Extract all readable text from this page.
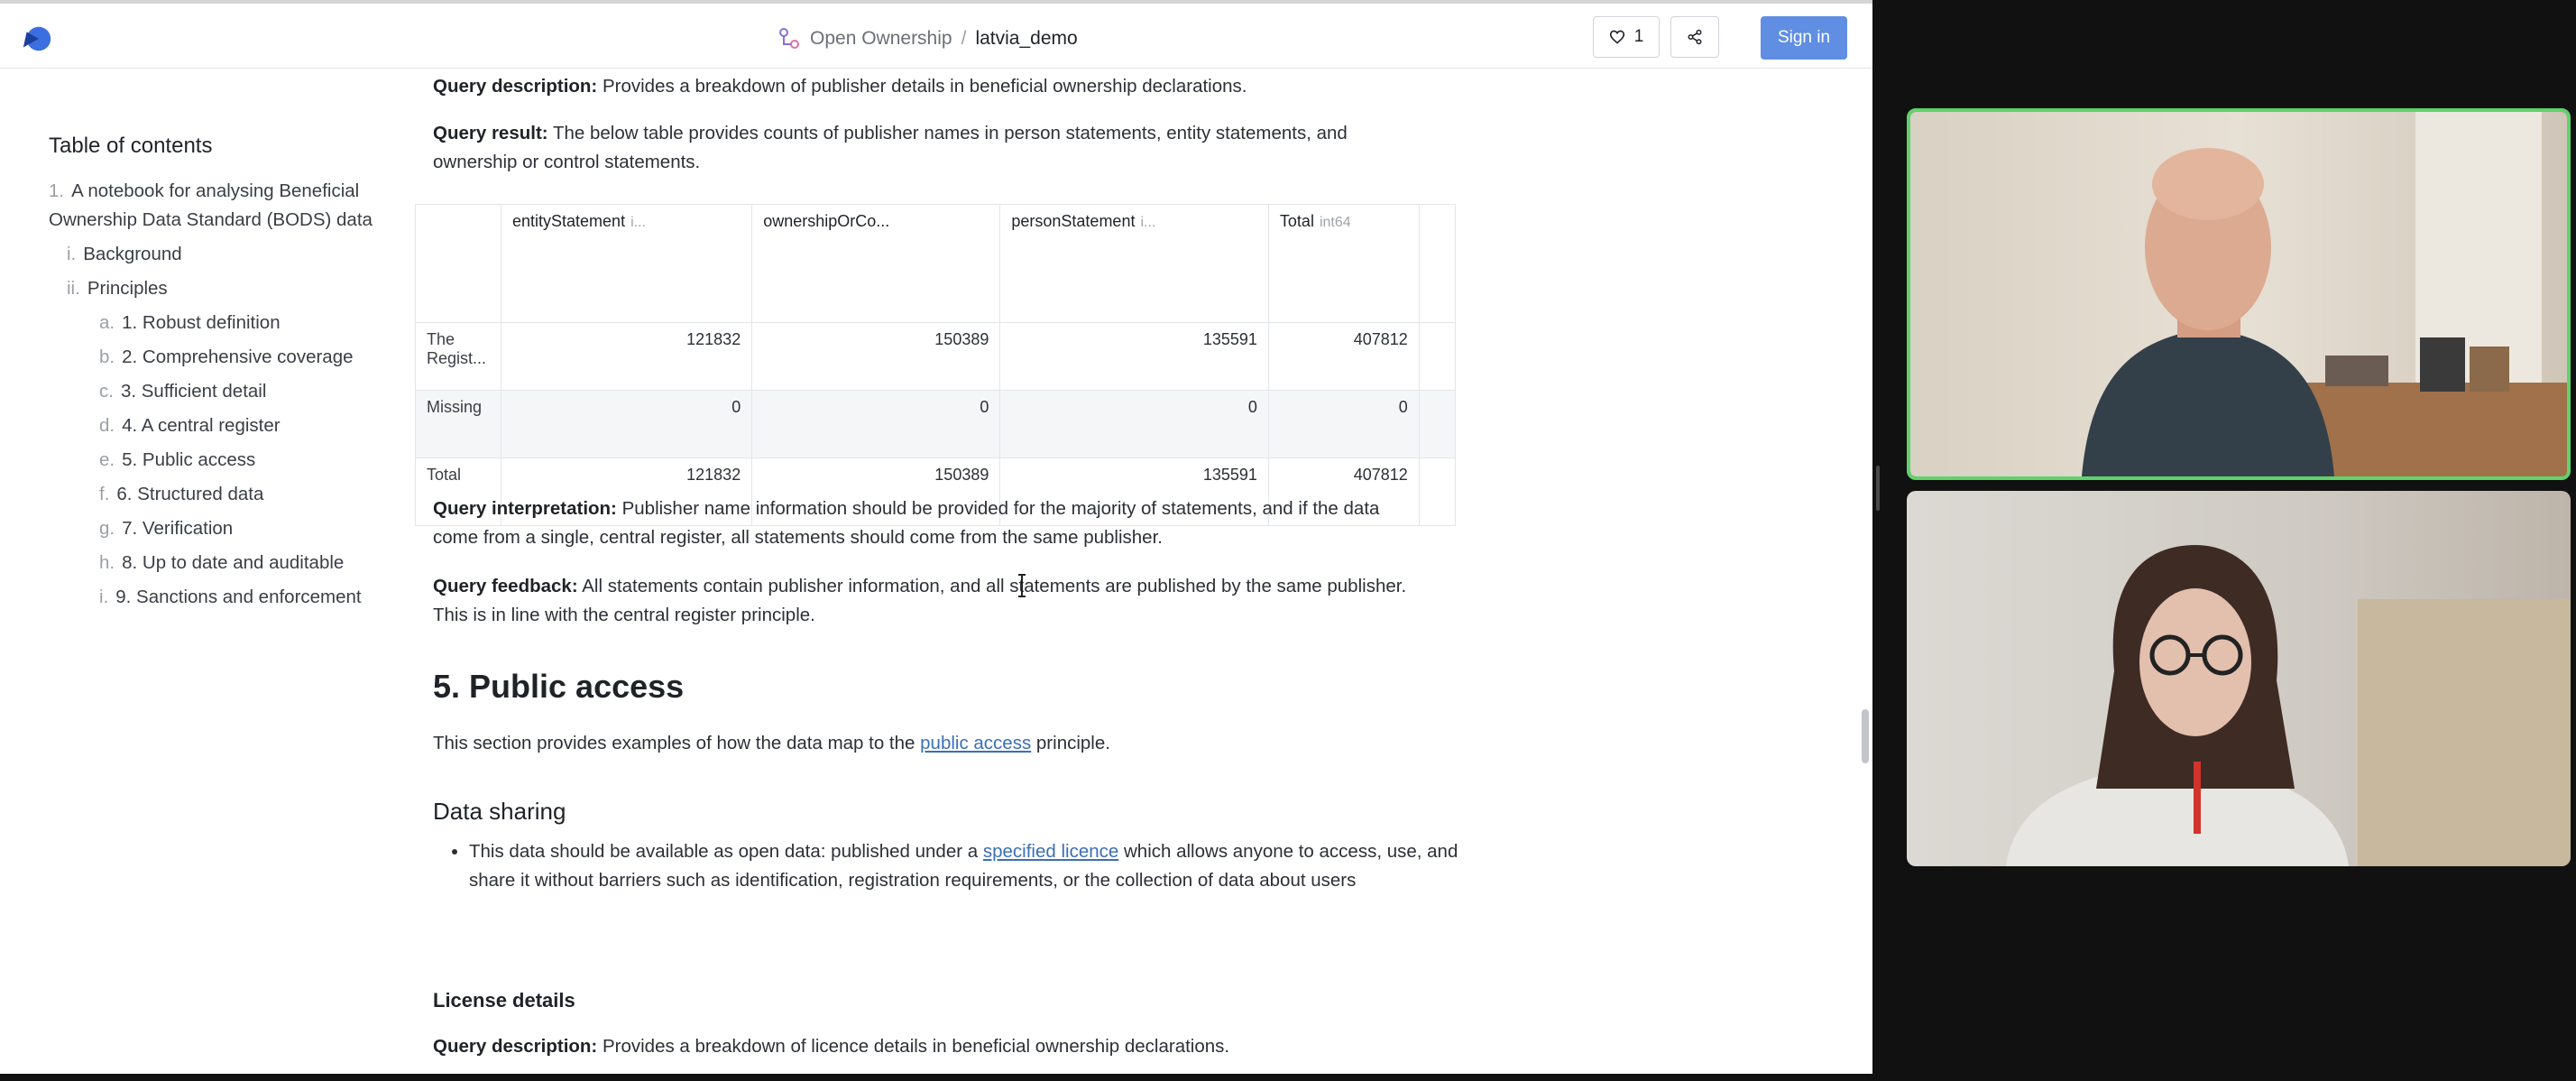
Open Ownership / latvia_demo	1	Sign in
Table of contents
1. A notebook for analysing Beneficial Ownership Data Standard (BODS) data
i. Background
ii. Principles
a. 1. Robust definition
b. 2. Comprehensive coverage
c. 3. Sufficient detail
d. 4. A central register
e. 5. Public access
f. 6. Structured data
g. 7. Verification
h. 8. Up to date and auditable
i. 9. Sanctions and enforcement
Query description: Provides a breakdown of publisher details in beneficial ownership declarations.
Query result: The below table provides counts of publisher names in person statements, entity statements, and ownership or control statements.
	entityStatement i...	ownershipOrCo...	personStatement i...	Total int64	
The Regist...	121832	150389	135591	407812	
Missing	0	0	0	0	
Total	121832	150389	135591	407812	
Query interpretation: Publisher name information should be provided for the majority of statements, and if the data come from a single, central register, all statements should come from the same publisher.
Query feedback: All statements contain publisher information, and all statements are published by the same publisher. This is in line with the central register principle.
5. Public access
This section provides examples of how the data map to the public access principle.
Data sharing
• This data should be available as open data: published under a specified licence which allows anyone to access, use, and share it without barriers such as identification, registration requirements, or the collection of data about users
License details
Query description: Provides a breakdown of licence details in beneficial ownership declarations.
